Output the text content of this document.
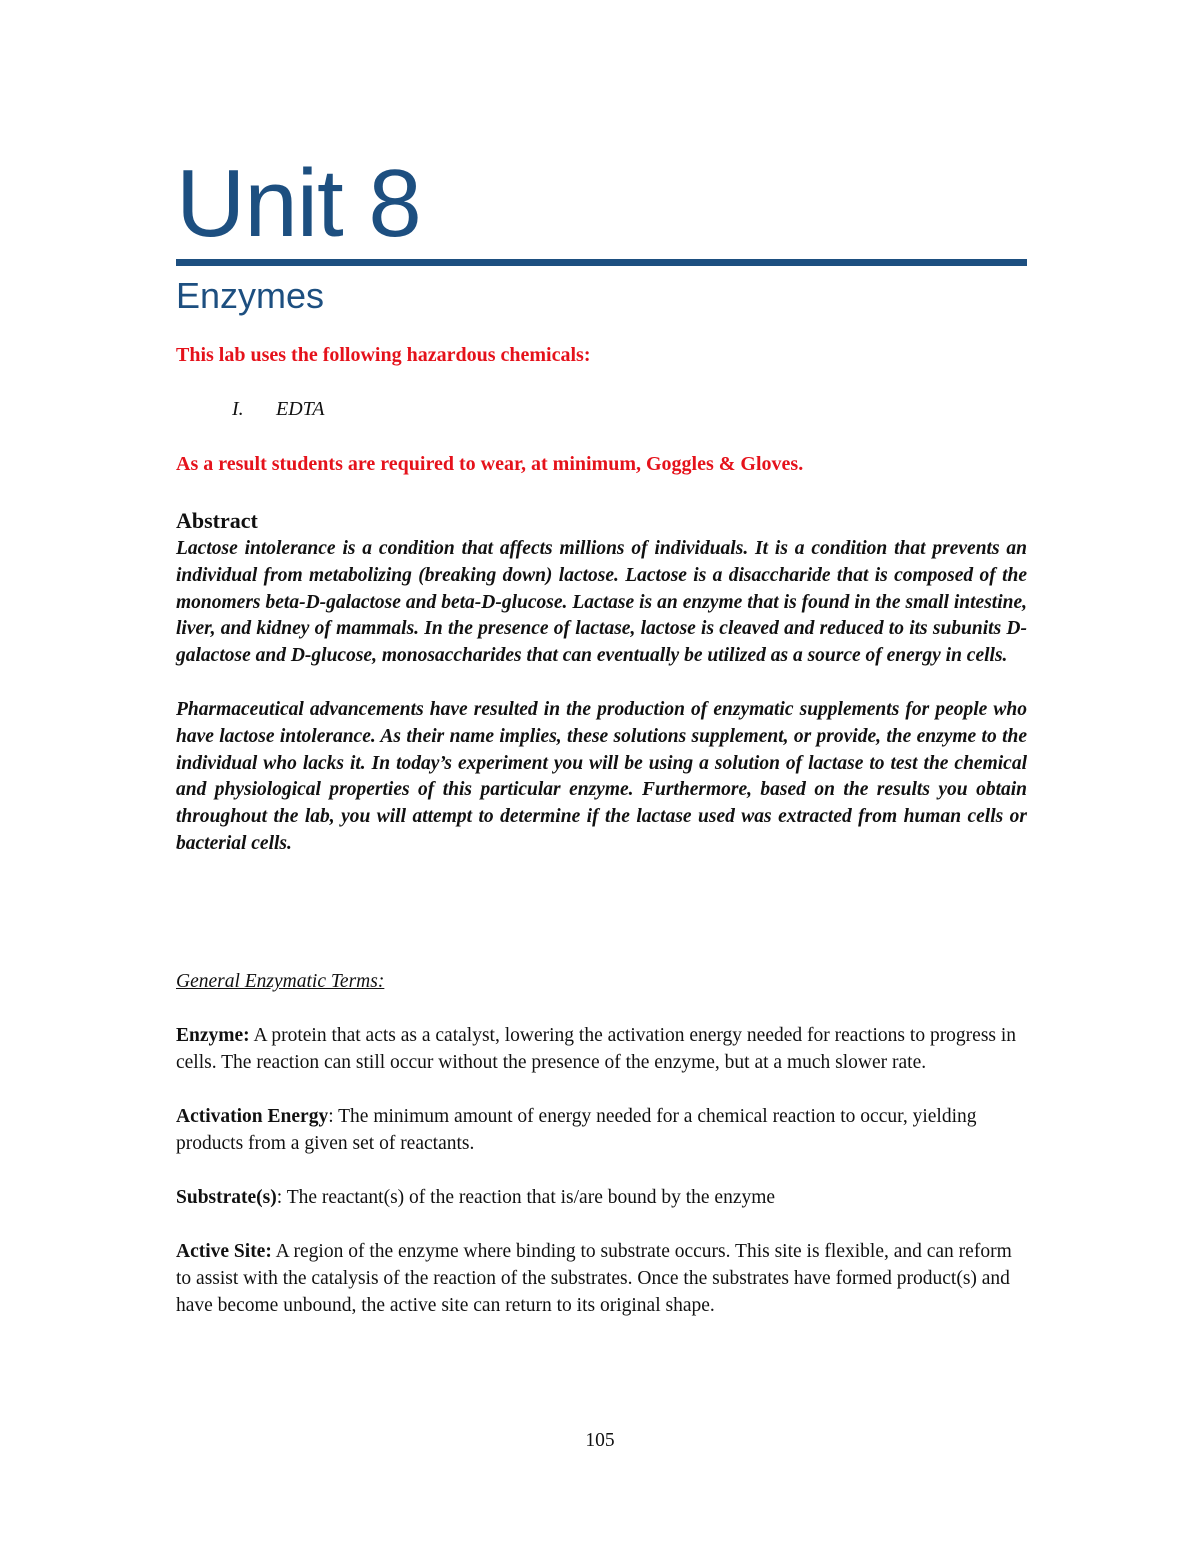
Unit 8
Enzymes

This lab uses the following hazardous chemicals:

I. EDTA

As a result students are required to wear, at minimum, Goggles & Gloves.

Abstract

Lactose intolerance is a condition that affects millions of individuals. It is a condition that prevents an individual from metabolizing (breaking down) lactose. Lactose is a disaccharide that is composed of the monomers beta-D-galactose and beta-D-glucose. Lactase is an enzyme that is found in the small intestine, liver, and kidney of mammals. In the presence of lactase, lactose is cleaved and reduced to its subunits D-galactose and D-glucose, monosaccharides that can eventually be utilized as a source of energy in cells.

Pharmaceutical advancements have resulted in the production of enzymatic supplements for people who have lactose intolerance. As their name implies, these solutions supplement, or provide, the enzyme to the individual who lacks it. In today’s experiment you will be using a solution of lactase to test the chemical and physiological properties of this particular enzyme. Furthermore, based on the results you obtain throughout the lab, you will attempt to determine if the lactase used was extracted from human cells or bacterial cells.

General Enzymatic Terms:

Enzyme: A protein that acts as a catalyst, lowering the activation energy needed for reactions to progress in cells. The reaction can still occur without the presence of the enzyme, but at a much slower rate.

Activation Energy: The minimum amount of energy needed for a chemical reaction to occur, yielding products from a given set of reactants.

Substrate(s): The reactant(s) of the reaction that is/are bound by the enzyme

Active Site: A region of the enzyme where binding to substrate occurs. This site is flexible, and can reform to assist with the catalysis of the reaction of the substrates. Once the substrates have formed product(s) and have become unbound, the active site can return to its original shape.

105
